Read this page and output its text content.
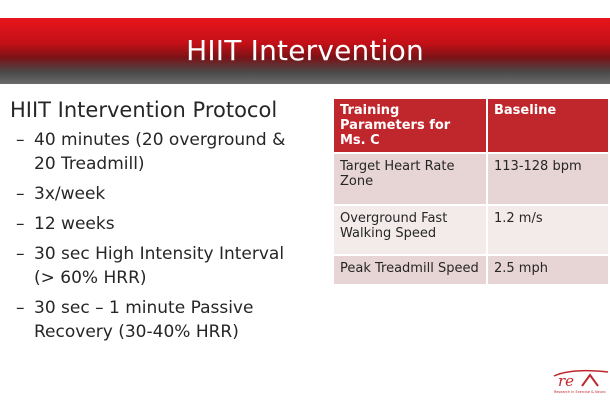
HIIT Intervention
HIIT Intervention Protocol
– 40 minutes (20 overground & 20 Treadmill)
– 3x/week
– 12 weeks
– 30 sec High Intensity Interval (> 60% HRR)
– 30 sec – 1 minute Passive Recovery (30-40% HRR)
Training Parameters for Ms. C	Baseline
Target Heart Rate Zone	113-128 bpm
Overground Fast Walking Speed	1.2 m/s
Peak Treadmill Speed	2.5 mph
re
Research in Exercise & Neuro
